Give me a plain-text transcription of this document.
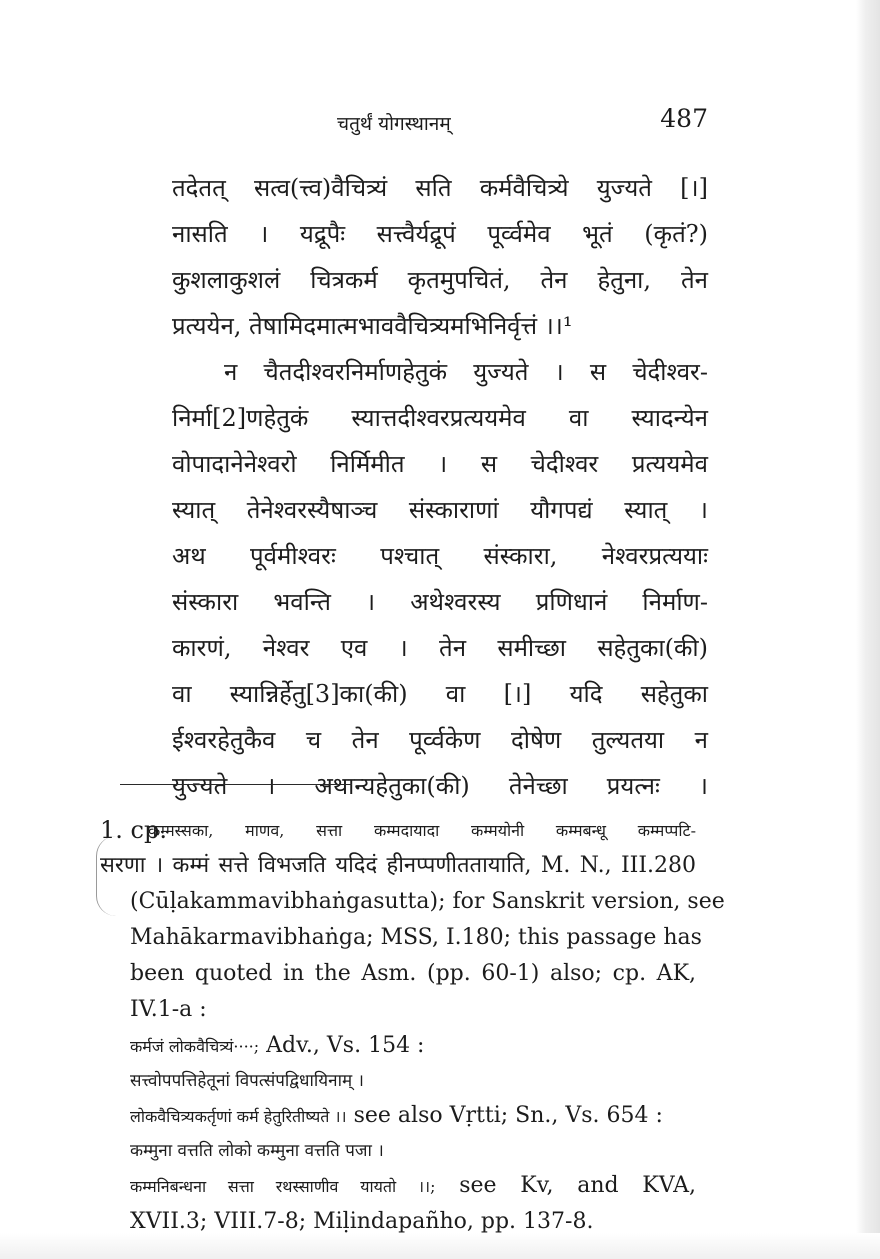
चतुर्थं योगस्थानम्	487
तदेतत् सत्व(त्त्व)वैचित्र्यं सति कर्मवैचित्र्ये युज्यते [।]
नासति । यद्रूपैः सत्त्वैर्यद्रूपं पूर्व्वमेव भूतं (कृतं?)
कुशलाकुशलं चित्रकर्म कृतमुपचितं, तेन हेतुना, तेन
प्रत्ययेन, तेषामिदमात्मभाववैचित्र्यमभिनिर्वृत्तं ।।¹
न चैतदीश्वरनिर्माणहेतुकं युज्यते । स चेदीश्वर-
निर्मा[2]णहेतुकं स्यात्तदीश्वरप्रत्ययमेव वा स्यादन्येन
वोपादानेनेश्वरो निर्मिमीत । स चेदीश्वर प्रत्ययमेव
स्यात् तेनेश्वरस्यैषाञ्च संस्काराणां यौगपद्यं स्यात् ।
अथ पूर्वमीश्वरः पश्चात् संस्कारा, नेश्वरप्रत्ययाः
संस्कारा भवन्ति । अथेश्वरस्य प्रणिधानं निर्माण-
कारणं, नेश्वर एव । तेन समीच्छा सहेतुका(की)
वा स्यान्निर्हेतु[3]का(की) वा [।] यदि सहेतुका
ईश्वरहेतुकैव च तेन पूर्व्वकेण दोषेण तुल्यतया न
युज्यते । अथान्यहेतुका(की) तेनेच्छा प्रयत्नः ।
1. cp.
कम्मस्सका, माणव, सत्ता कम्मदायादा कम्मयोनी कम्मबन्धू कम्मप्पटि-
सरणा । कम्मं सत्ते विभजति यदिदं हीनप्पणीततायाति, M. N., III.280
(Cūḷakammavibhaṅgasutta); for Sanskrit version, see
Mahākarmavibhaṅga; MSS, I.180; this passage has
been quoted in the Asm. (pp. 60-1) also; cp. AK,
IV.1-a :
कर्मजं लोकवैचित्र्यं····; Adv., Vs. 154 :
सत्त्वोपपत्तिहेतूनां विपत्संपद्विधायिनाम् ।
लोकवैचित्र्यकर्तृणां कर्म हेतुरितीष्यते ।। see also Vṛtti; Sn., Vs. 654 :
कम्मुना वत्तति लोको कम्मुना वत्तति पजा ।
कम्मनिबन्धना सत्ता रथस्साणीव यायतो ।।; see Kv, and KVA,
XVII.3; VIII.7-8; Miḷindapañho, pp. 137-8.
